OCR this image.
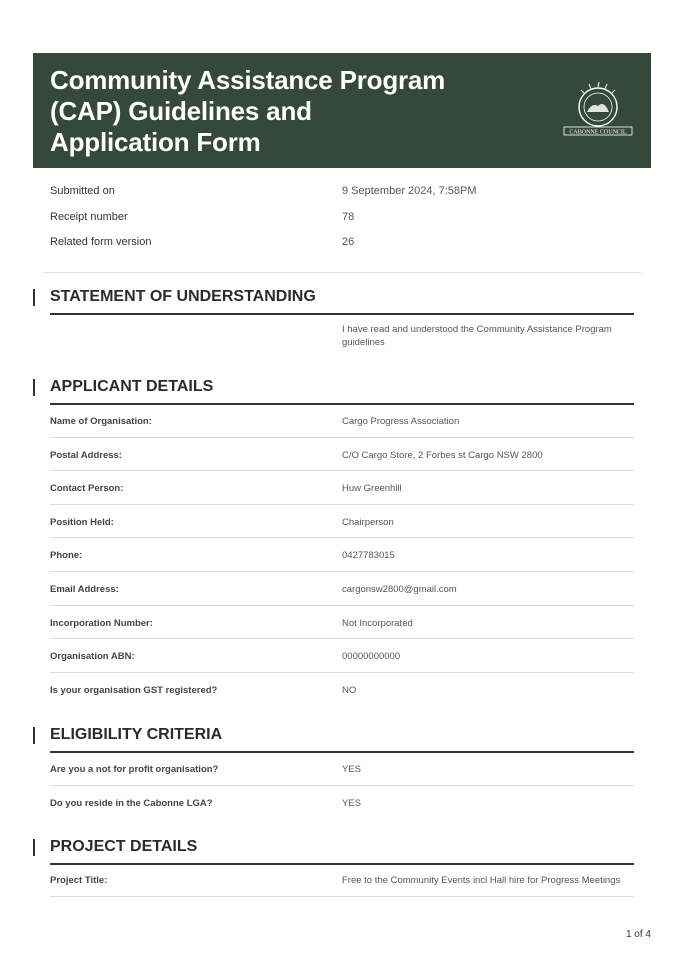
Community Assistance Program
(CAP) Guidelines and
Application Form	CABONNE COUNCIL
Submitted on	9 September 2024, 7:58PM
Receipt number	78
Related form version	26
STATEMENT OF UNDERSTANDING
I have read and understood the Community Assistance Program guidelines
APPLICANT DETAILS
Name of Organisation:	Cargo Progress Association
Postal Address:	C/O Cargo Store, 2 Forbes st Cargo NSW 2800
Contact Person:	Huw Greenhill
Position Held:	Chairperson
Phone:	0427783015
Email Address:	cargonsw2800@gmail.com
Incorporation Number:	Not Incorporated
Organisation ABN:	00000000000
Is your organisation GST registered?	NO
ELIGIBILITY CRITERIA
Are you a not for profit organisation?	YES
Do you reside in the Cabonne LGA?	YES
PROJECT DETAILS
Project Title:	Free to the Community Events incl Hall hire for Progress Meetings
1 of 4
